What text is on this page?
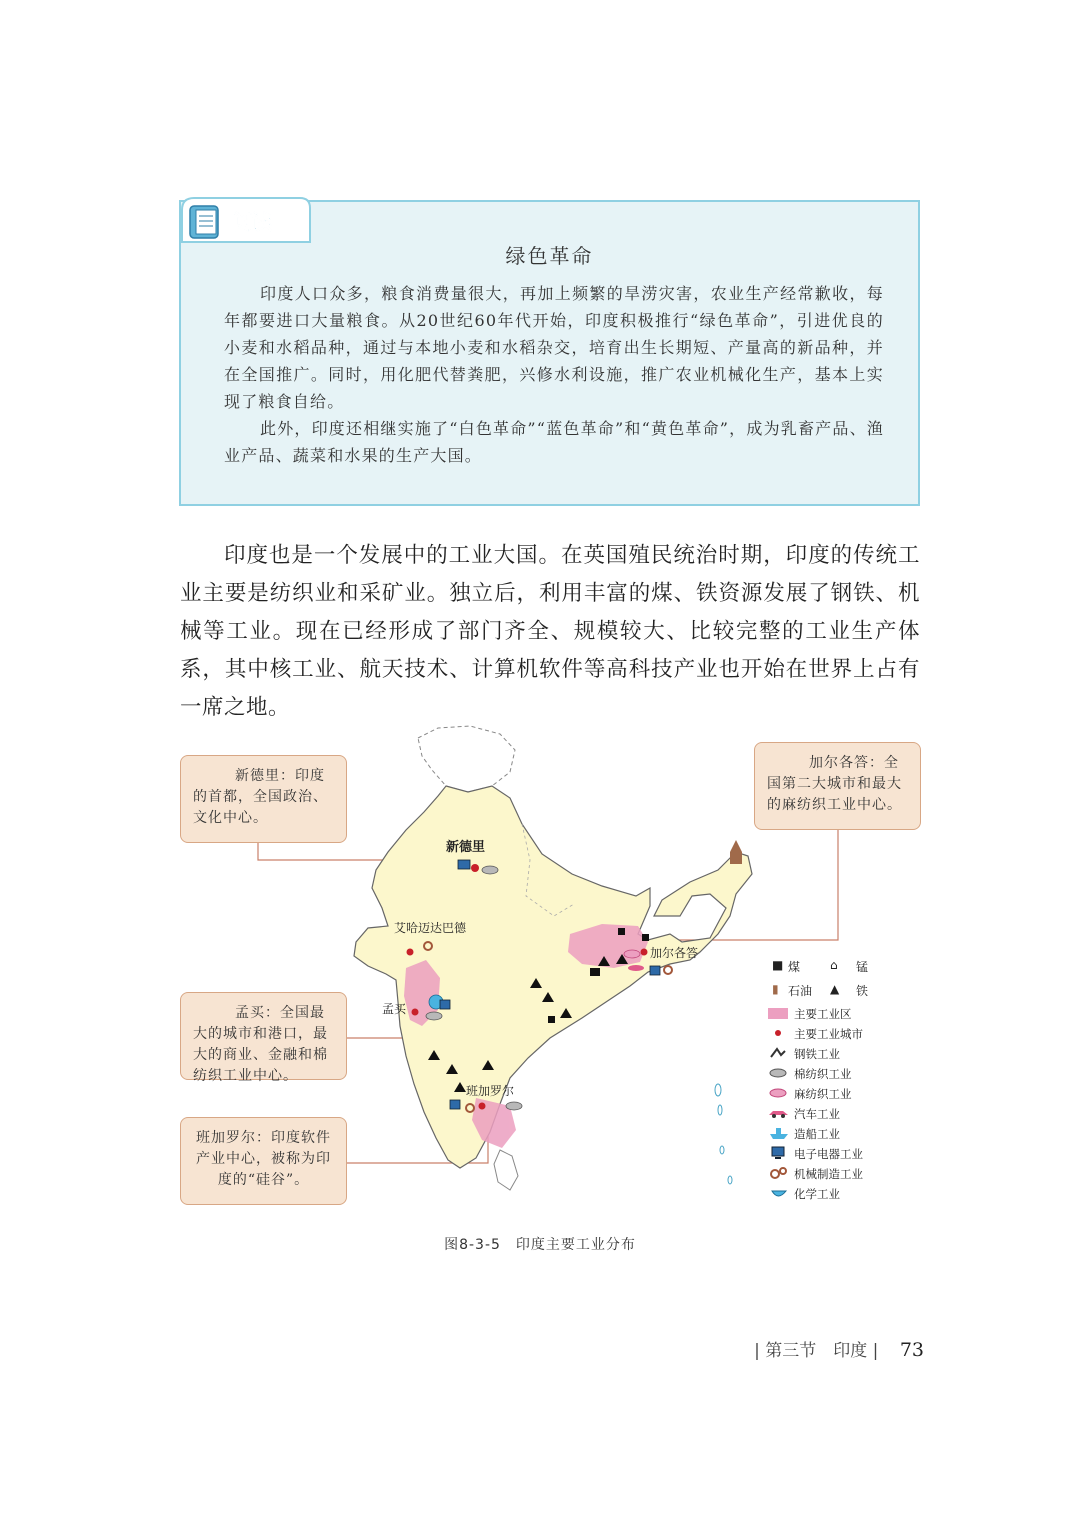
阅读
绿色革命

印度人口众多，粮食消费量很大，再加上频繁的旱涝灾害，农业生产经常歉收，每年都要进口大量粮食。从20世纪60年代开始，印度积极推行“绿色革命”，引进优良的小麦和水稻品种，通过与本地小麦和水稻杂交，培育出生长期短、产量高的新品种，并在全国推广。同时，用化肥代替粪肥，兴修水利设施，推广农业机械化生产，基本上实现了粮食自给。

此外，印度还相继实施了“白色革命”“蓝色革命”和“黄色革命”，成为乳畜产品、渔业产品、蔬菜和水果的生产大国。

印度也是一个发展中的工业大国。在英国殖民统治时期，印度的传统工业主要是纺织业和采矿业。独立后，利用丰富的煤、铁资源发展了钢铁、机械等工业。现在已经形成了部门齐全、规模较大、比较完整的工业生产体系，其中核工业、航天技术、计算机软件等高科技产业也开始在世界上占有一席之地。

新德里
艾哈迈达巴德
孟买
加尔各答
班加罗尔
新德里：印度的首都，全国政治、文化中心。
加尔各答：全国第二大城市和最大的麻纺织工业中心。
孟买：全国最大的城市和港口，最大的商业、金融和棉纺织工业中心。
班加罗尔：印度软件产业中心，被称为印度的“硅谷”。
■ 煤 ⌂ 锰
▮ 石油 ▲ 铁
主要工业区
主要工业城市
钢铁工业
棉纺织工业
麻纺织工业
汽车工业
造船工业
电子电器工业
机械制造工业
化学工业
图8-3-5　印度主要工业分布
| 第三节　印度 | 73
